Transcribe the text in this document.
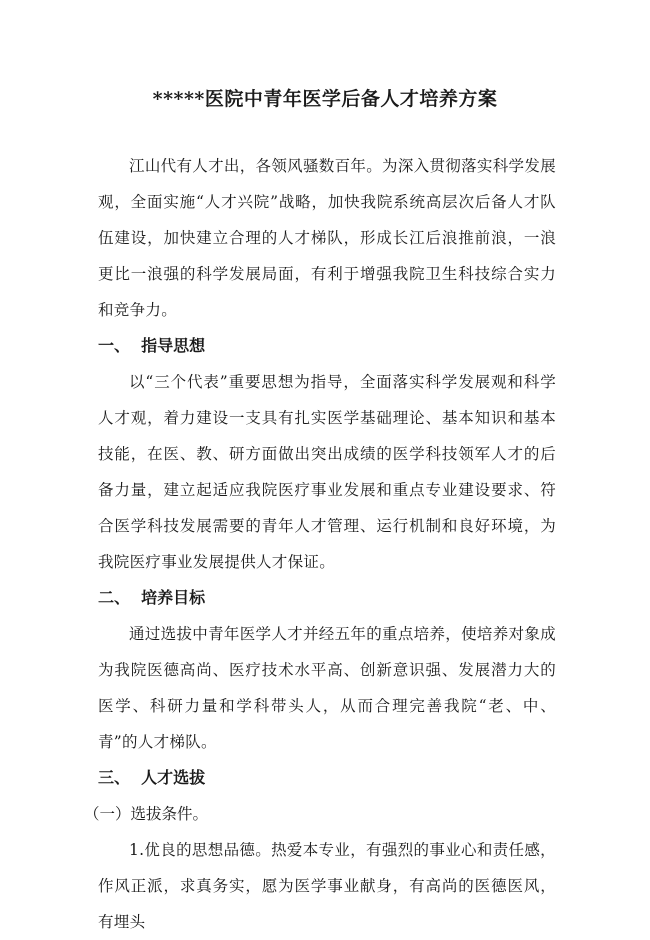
*****医院中青年医学后备人才培养方案

江山代有人才出，各领风骚数百年。为深入贯彻落实科学发展观，全面实施“人才兴院”战略，加快我院系统高层次后备人才队伍建设，加快建立合理的人才梯队，形成长江后浪推前浪，一浪更比一浪强的科学发展局面，有利于增强我院卫生科技综合实力和竞争力。

一、  指导思想

以“三个代表”重要思想为指导，全面落实科学发展观和科学人才观，着力建设一支具有扎实医学基础理论、基本知识和基本技能，在医、教、研方面做出突出成绩的医学科技领军人才的后备力量，建立起适应我院医疗事业发展和重点专业建设要求、符合医学科技发展需要的青年人才管理、运行机制和良好环境，为我院医疗事业发展提供人才保证。

二、  培养目标

通过选拔中青年医学人才并经五年的重点培养，使培养对象成为我院医德高尚、医疗技术水平高、创新意识强、发展潜力大的医学、科研力量和学科带头人，从而合理完善我院“老、中、青”的人才梯队。

三、  人才选拔

（一）选拔条件。

1.优良的思想品德。热爱本专业，有强烈的事业心和责任感，作风正派，求真务实，愿为医学事业献身，有高尚的医德医风，有埋头
